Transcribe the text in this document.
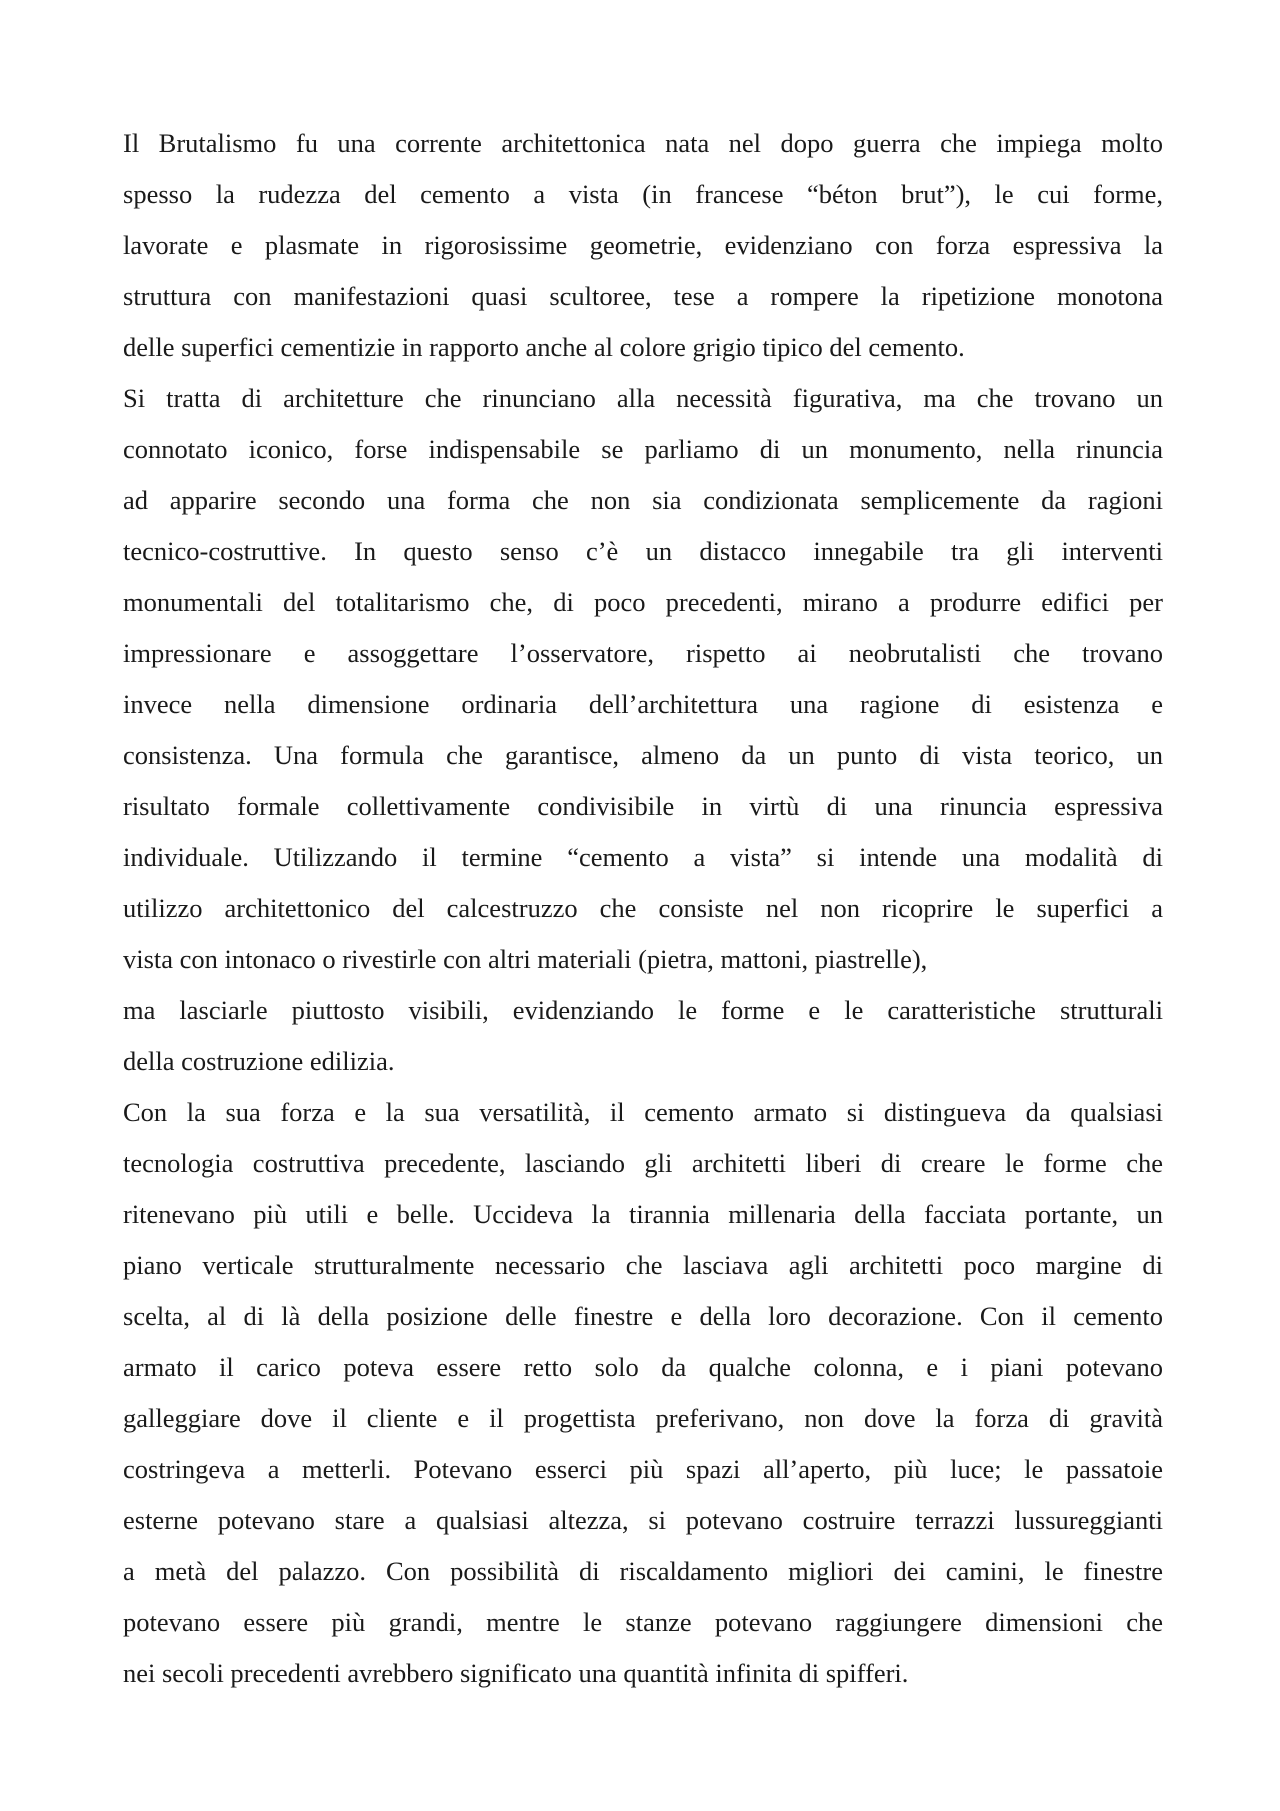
Il Brutalismo fu una corrente architettonica nata nel dopo guerra che impiega molto
spesso la rudezza del cemento a vista (in francese “béton brut”), le cui forme,
lavorate e plasmate in rigorosissime geometrie, evidenziano con forza espressiva la
struttura con manifestazioni quasi scultoree, tese a rompere la ripetizione monotona
delle superfici cementizie in rapporto anche al colore grigio tipico del cemento.
Si tratta di architetture che rinunciano alla necessità figurativa, ma che trovano un
connotato iconico, forse indispensabile se parliamo di un monumento, nella rinuncia
ad apparire secondo una forma che non sia condizionata semplicemente da ragioni
tecnico-costruttive. In questo senso c’è un distacco innegabile tra gli interventi
monumentali del totalitarismo che, di poco precedenti, mirano a produrre edifici per
impressionare e assoggettare l’osservatore, rispetto ai neobrutalisti che trovano
invece nella dimensione ordinaria dell’architettura una ragione di esistenza e
consistenza. Una formula che garantisce, almeno da un punto di vista teorico, un
risultato formale collettivamente condivisibile in virtù di una rinuncia espressiva
individuale. Utilizzando il termine “cemento a vista” si intende una modalità di
utilizzo architettonico del calcestruzzo che consiste nel non ricoprire le superfici a
vista con intonaco o rivestirle con altri materiali (pietra, mattoni, piastrelle),
ma lasciarle piuttosto visibili, evidenziando le forme e le caratteristiche strutturali
della costruzione edilizia.
Con la sua forza e la sua versatilità, il cemento armato si distingueva da qualsiasi
tecnologia costruttiva precedente, lasciando gli architetti liberi di creare le forme che
ritenevano più utili e belle. Uccideva la tirannia millenaria della facciata portante, un
piano verticale strutturalmente necessario che lasciava agli architetti poco margine di
scelta, al di là della posizione delle finestre e della loro decorazione. Con il cemento
armato il carico poteva essere retto solo da qualche colonna, e i piani potevano
galleggiare dove il cliente e il progettista preferivano, non dove la forza di gravità
costringeva a metterli. Potevano esserci più spazi all’aperto, più luce; le passatoie
esterne potevano stare a qualsiasi altezza, si potevano costruire terrazzi lussureggianti
a metà del palazzo. Con possibilità di riscaldamento migliori dei camini, le finestre
potevano essere più grandi, mentre le stanze potevano raggiungere dimensioni che
nei secoli precedenti avrebbero significato una quantità infinita di spifferi.
